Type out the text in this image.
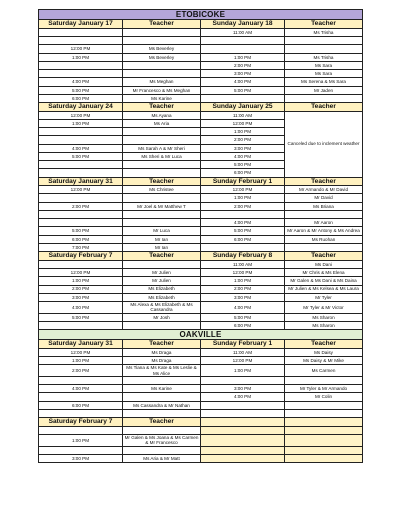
ETOBICOKE			
Saturday January 17	Teacher	Sunday January 18	Teacher
		11:00 AM	Ms Trisha

12:00 PM	Ms Beverley		
1:00 PM	Ms Beverley	1:00 PM	Ms Trisha
		2:00 PM	Ms Sara
		3:00 PM	Ms Sara
4:00 PM	Ms Meghan	4:00 PM	Ms Serena & Ms Sara
5:00 PM	Mr Francesco & Ms Meghan	5:00 PM	Mr Jaden
6:00 PM	Ms Karine		
Saturday January 24	Teacher	Sunday January 25	Teacher
12:00 PM	Ms Ayana	11:00 AM	Canceled due to inclement weather
1:00 PM	Ms Aria	12:00 PM	
		1:00 PM	
		2:00 PM	
4:00 PM	Ms Sarah A & Mr Sheri	3:00 PM	
5:00 PM	Ms Sheri & Mr Luca	4:00 PM	
		5:00 PM	
		6:00 PM	
Saturday January 31	Teacher	Sunday February 1	Teacher
12:00 PM	Ms Christee	12:00 PM	Mr Armando & Mr David
		1:00 PM	Mr David
2:00 PM	Mr Joel & Mr Matthew T	2:00 PM	Ms Briana

		4:00 PM	Mr Aaron
5:00 PM	Mr Luca	5:00 PM	Mr Aaron & Mr Antony & Ms Andrea
6:00 PM	Mr Ian	6:00 PM	Ms Ruohan
7:00 PM	Mr Ian		
Saturday February 7	Teacher	Sunday February 8	Teacher
		11:00 AM	Ms Dani
12:00 PM	Mr Julien	12:00 PM	Mr Chris & Ms Elena
1:00 PM	Mr Julien	1:00 PM	Mr Galen & Ms Dani & Ms Daina
2:00 PM	Ms Elizabeth	2:00 PM	Mr Julien & Ms Kelsea & Ms Laura
3:00 PM	Ms Elizabeth	3:00 PM	Mr Tyler
4:00 PM	Ms Alexa & Ms Elizabeth & Ms Cassandra	4:00 PM	Mr Tyler & Mr Victor
5:00 PM	Mr Josh	5:00 PM	Ms Sharon
		6:00 PM	Ms Sharon
OAKVILLE			
Saturday January 31	Teacher	Sunday February 1	Teacher
12:00 PM	Ms Draga	11:00 AM	Ms Daisy
1:00 PM	Ms Draga	12:00 PM	Ms Daisy & Mr Mike
2:00 PM	Ms Tiana & Ms Kate & Ms Leslie & Ms Alice	1:00 PM	Ms Carmen

4:00 PM	Ms Karine	3:00 PM	Mr Tyler & Mr Armando
		4:00 PM	Mr Colin
6:00 PM	Ms Cassandra & Mr Nathan		

Saturday February 7	Teacher		

1:00 PM	Mr Galen & Ms Joana & Ms Carmen & Mr Francesco		

3:00 PM	Ms Aria & Mr Matt		
